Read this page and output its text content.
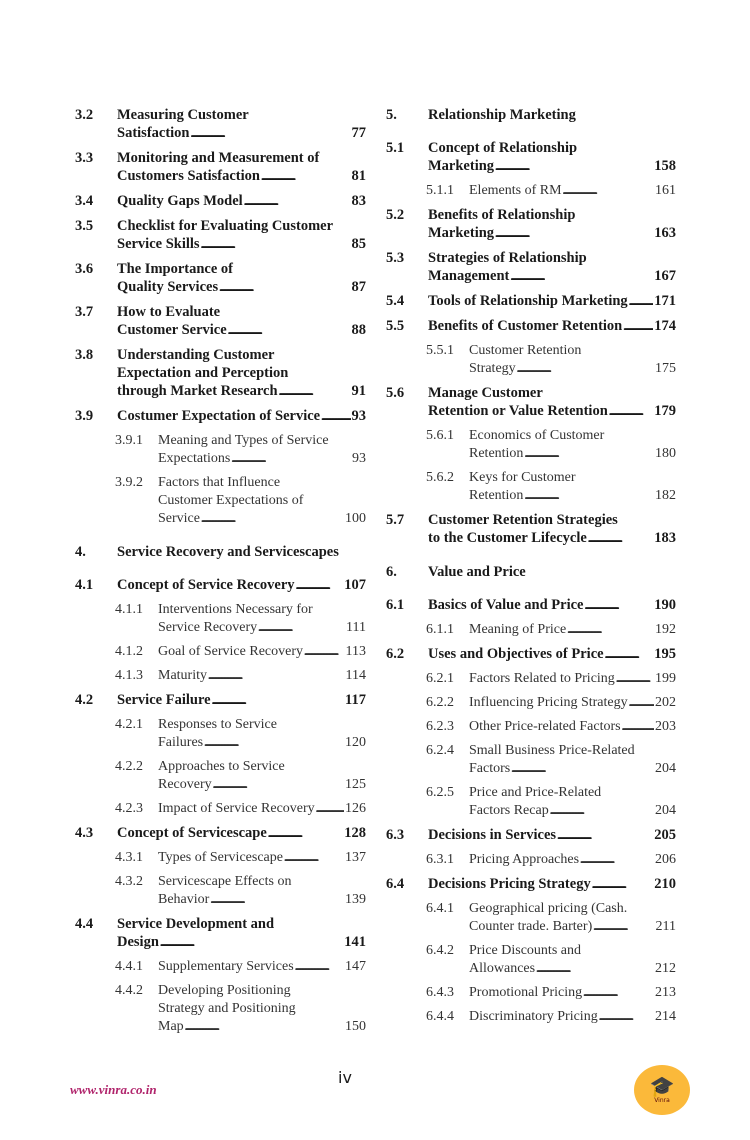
3.2 Measuring Customer
Satisfaction . . .	77
3.3 Monitoring and Measurement of
Customers Satisfaction . . .	81
3.4 Quality Gaps Model . . .	83
3.5 Checklist for Evaluating Customer
Service Skills . . .	85
3.6 The Importance of
Quality Services . . .	87
3.7 How to Evaluate
Customer Service . . .	88
3.8 Understanding Customer
Expectation and Perception
through Market Research . . .	91
3.9 Costumer Expectation of Service . . . 93
3.9.1 Meaning and Types of Service
Expectations . . .	93
3.9.2 Factors that Influence
Customer Expectations of
Service . . .	100
4. Service Recovery and Servicescapes
4.1 Concept of Service Recovery . . .	107
4.1.1 Interventions Necessary for
Service Recovery . . .	111
4.1.2 Goal of Service Recovery . . .	113
4.1.3 Maturity . . .	114
4.2 Service Failure . . .	117
4.2.1 Responses to Service
Failures . . .	120
4.2.2 Approaches to Service
Recovery . . .	125
4.2.3 Impact of Service Recovery . . . 126
4.3 Concept of Servicescape . . .	128
4.3.1 Types of Servicescape . . .	137
4.3.2 Servicescape Effects on
Behavior . . .	139
4.4 Service Development and
Design . . .	141
4.4.1 Supplementary Services . . .	147
4.4.2 Developing Positioning
Strategy and Positioning
Map . . .	150
5. Relationship Marketing
5.1 Concept of Relationship
Marketing . . .	158
5.1.1 Elements of RM . . .	161
5.2 Benefits of Relationship
Marketing . . .	163
5.3 Strategies of Relationship
Management . . .	167
5.4 Tools of Relationship Marketing . . . 171
5.5 Benefits of Customer Retention . . . 174
5.5.1 Customer Retention
Strategy . . .	175
5.6 Manage Customer
Retention or Value Retention . . .	179
5.6.1 Economics of Customer
Retention . . .	180
5.6.2 Keys for Customer
Retention . . .	182
5.7 Customer Retention Strategies
to the Customer Lifecycle . . .	183
6. Value and Price
6.1 Basics of Value and Price . . .	190
6.1.1 Meaning of Price . . .	192
6.2 Uses and Objectives of Price . . .	195
6.2.1 Factors Related to Pricing . . .	199
6.2.2 Influencing Pricing Strategy . . . 202
6.2.3 Other Price-related Factors . . . 203
6.2.4 Small Business Price-Related
Factors . . .	204
6.2.5 Price and Price-Related
Factors Recap . . .	204
6.3 Decisions in Services . . .	205
6.3.1 Pricing Approaches . . .	206
6.4 Decisions Pricing Strategy . . .	210
6.4.1 Geographical pricing (Cash.
Counter trade. Barter) . . .	211
6.4.2 Price Discounts and
Allowances . . .	212
6.4.3 Promotional Pricing . . .	213
6.4.4 Discriminatory Pricing . . .	214
iv
www.vinra.co.in	🎓
Vinra
